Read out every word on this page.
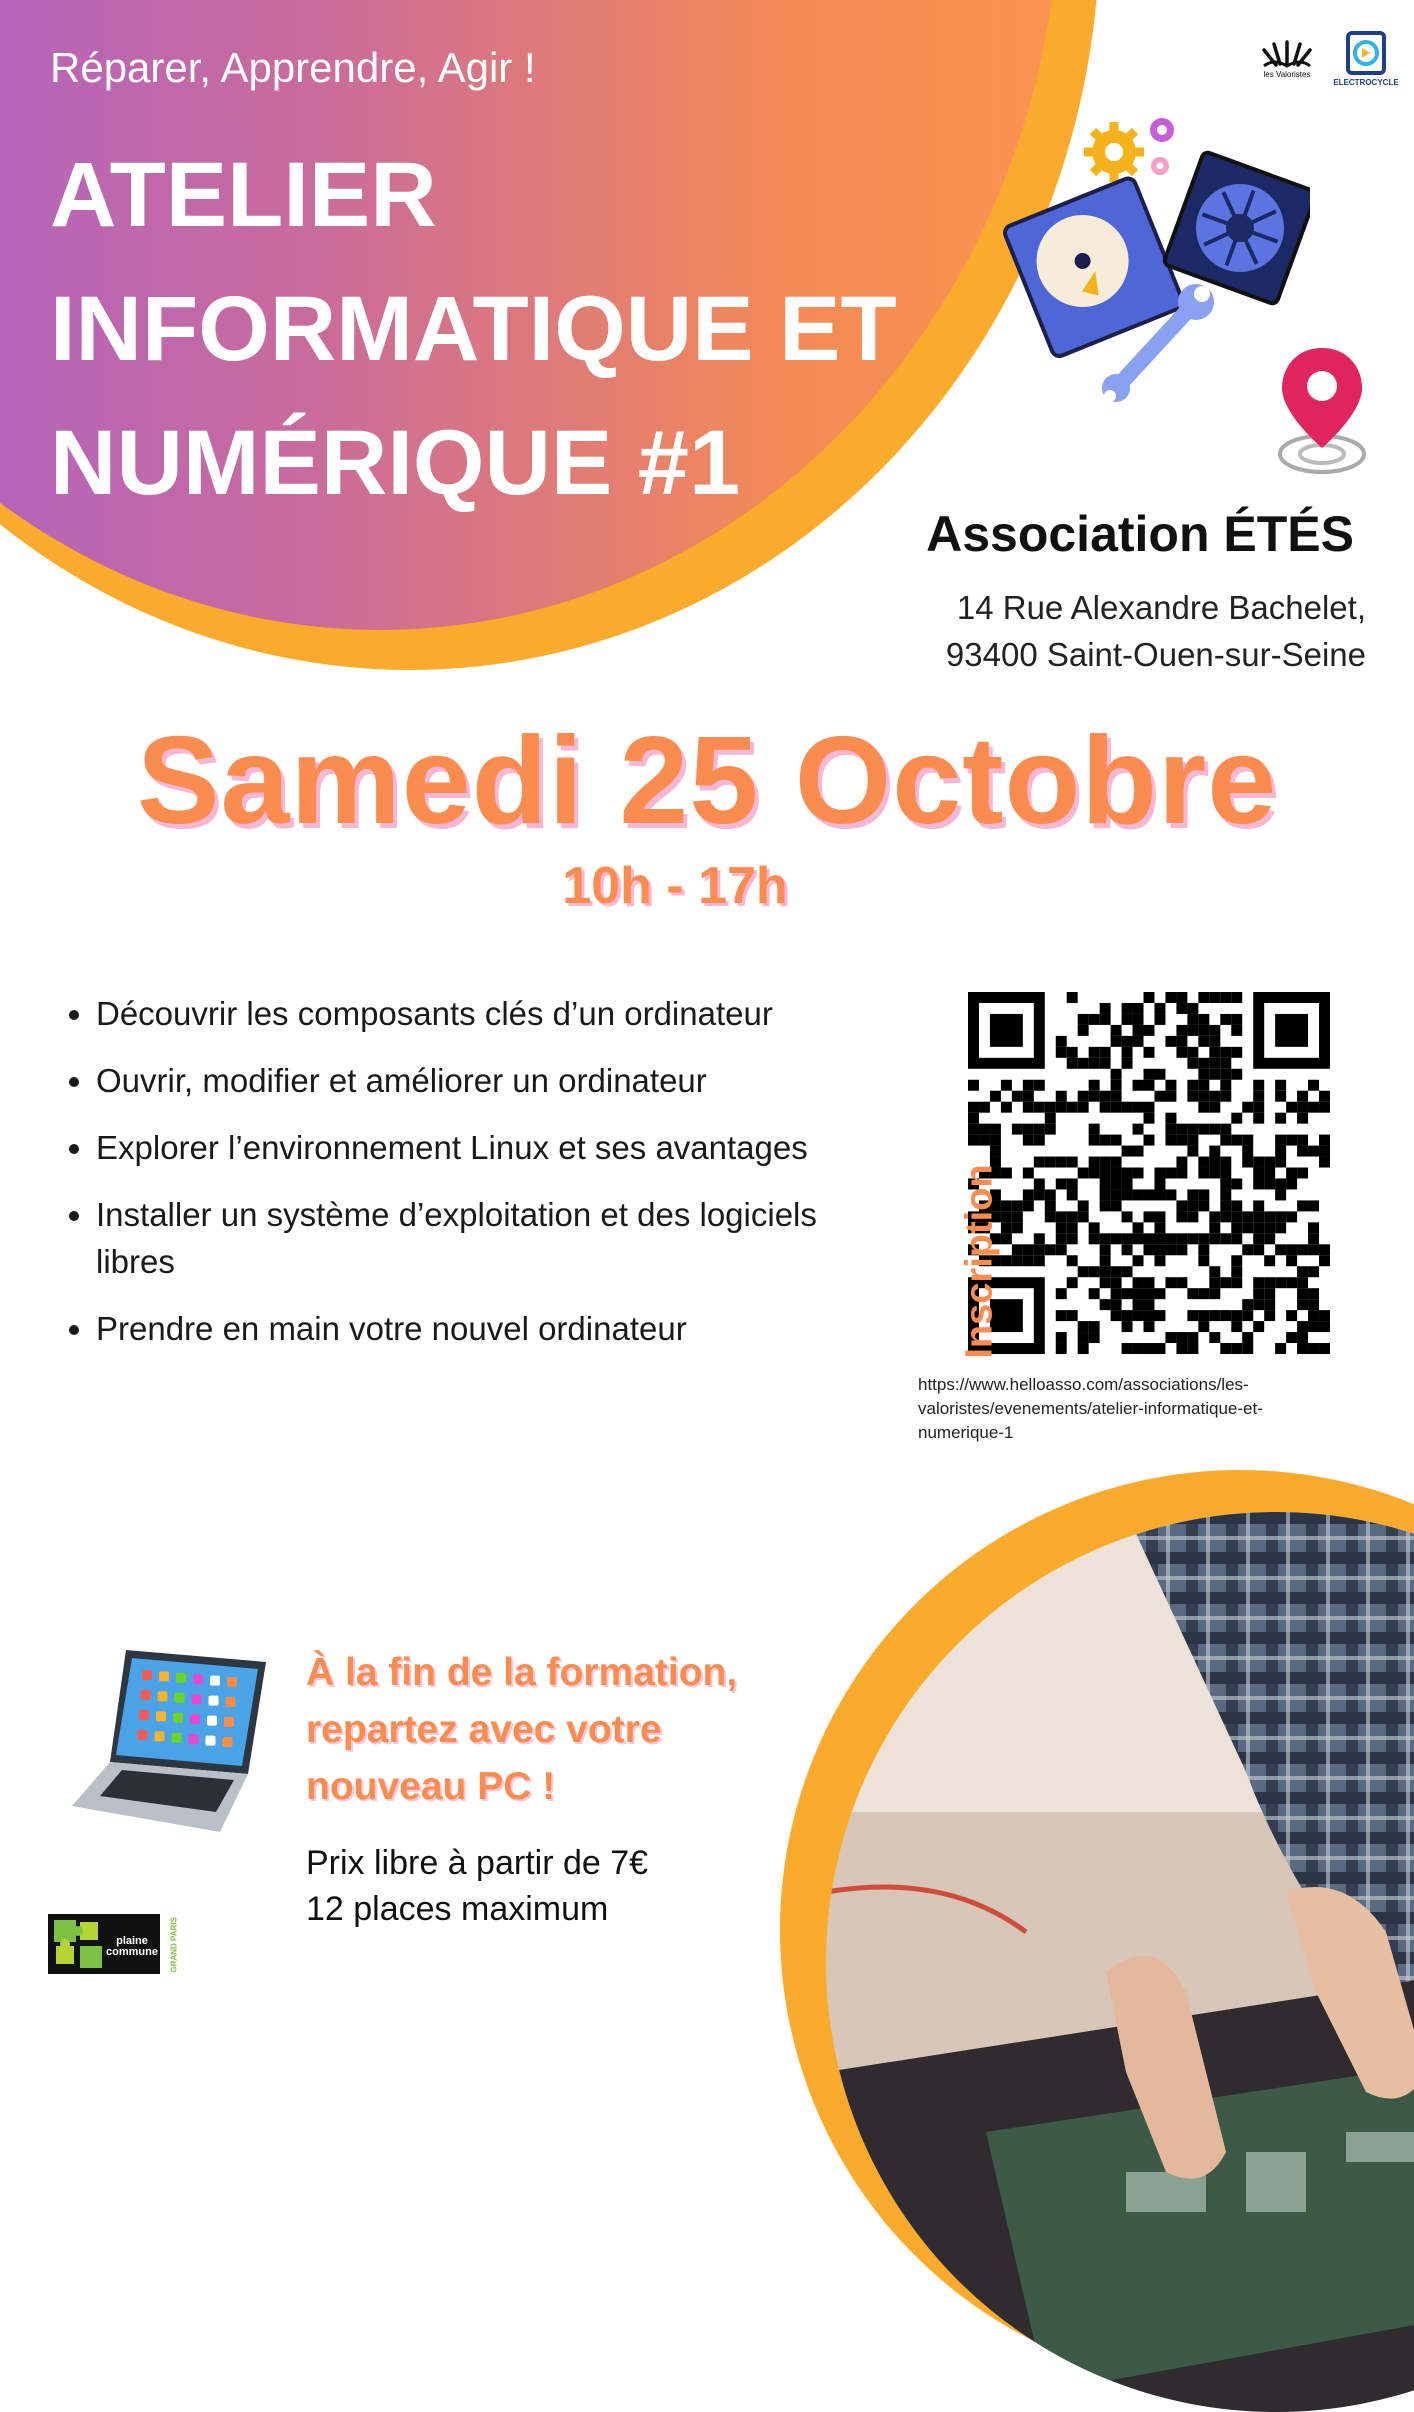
Réparer, Apprendre, Agir !
ATELIER
INFORMATIQUE ET
NUMÉRIQUE #1
les Valoristes
ELECTROCYCLE
Association ÉTÉS
14 Rue Alexandre Bachelet,
93400 Saint-Ouen-sur-Seine
Samedi 25 Octobre
10h - 17h
• Découvrir les composants clés d’un ordinateur
• Ouvrir, modifier et améliorer un ordinateur
• Explorer l’environnement Linux et ses avantages
• Installer un système d’exploitation et des logiciels libres
• Prendre en main votre nouvel ordinateur	Inscription
https://www.helloasso.com/associations/les-valoristes/evenements/atelier-informatique-et-numerique-1
À la fin de la formation, repartez avec votre nouveau PC !
Prix libre à partir de 7€
12 places maximum
plaine commune GRAND PARIS
